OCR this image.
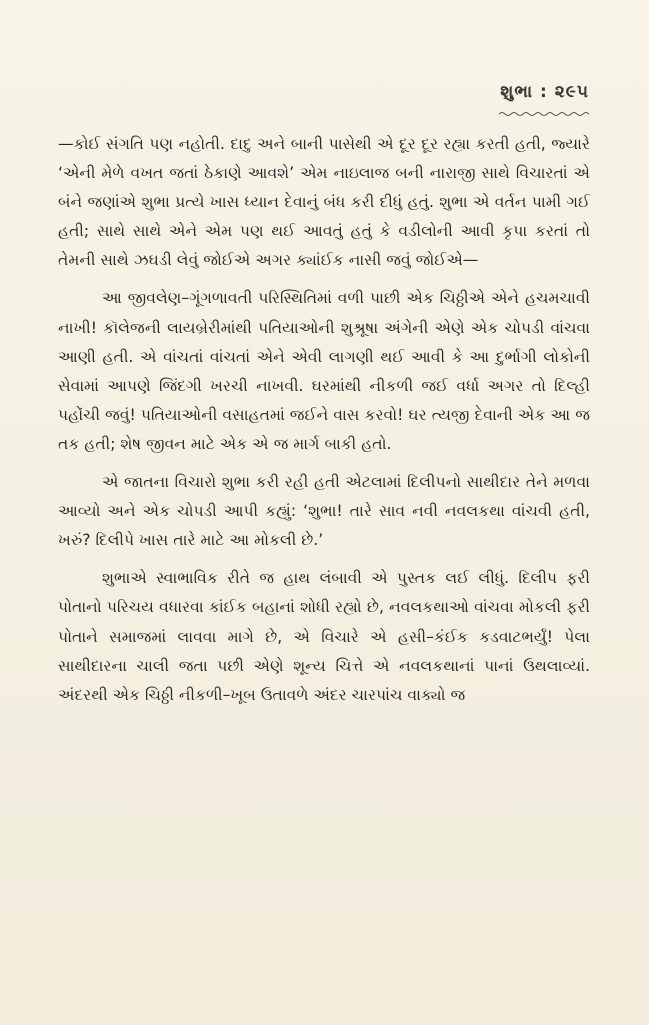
શુભા : ૨૯૫

—કોઈ સંગતિ પણ નહોતી. દાદુ અને બાની પાસેથી એ દૂર દૂર રહ્યા કરતી હતી, જ્યારે ‘એની મેળે વખત જતાં ઠેકાણે આવશે’ એમ નાઇલાજ બની નારાજી સાથે વિચારતાં એ બંને જણાંએ શુભા પ્રત્યે ખાસ ધ્યાન દેવાનું બંધ કરી દીધું હતું. શુભા એ વર્તન પામી ગઈ હતી; સાથે સાથે એને એમ પણ થઈ આવતું હતું કે વડીલોની આવી કૃપા કરતાં તો તેમની સાથે ઝઘડી લેવું જોઈએ અગર ક્યાંઈક નાસી જવું જોઈએ—

આ જીવલેણ–ગૂંગળાવતી પરિસ્થિતિમાં વળી પાછી એક ચિઠ્ઠીએ એને હચમચાવી નાખી! કૉલેજની લાયબ્રેરીમાંથી પતિયાઓની શુશ્રૂષા અંગેની એણે એક ચોપડી વાંચવા આણી હતી. એ વાંચતાં વાંચતાં એને એવી લાગણી થઈ આવી કે આ દુર્ભાગી લોકોની સેવામાં આપણે જિંદગી ખરચી નાખવી. ઘરમાંથી નીકળી જઈ વર્ધા અગર તો દિલ્હી પહોંચી જવું! પતિયાઓની વસાહતમાં જઈને વાસ કરવો! ઘર ત્યજી દેવાની એક આ જ તક હતી; શેષ જીવન માટે એક એ જ માર્ગ બાકી હતો.

એ જાતના વિચારો શુભા કરી રહી હતી એટલામાં દિલીપનો સાથીદાર તેને મળવા આવ્યો અને એક ચોપડી આપી કહ્યું: ‘શુભા! તારે સાવ નવી નવલકથા વાંચવી હતી, ખરું? દિલીપે ખાસ તારે માટે આ મોકલી છે.’

શુભાએ સ્વાભાવિક રીતે જ હાથ લંબાવી એ પુસ્તક લઈ લીધું. દિલીપ ફરી પોતાનો પરિચય વધારવા કાંઈક બહાનાં શોધી રહ્યો છે, નવલકથાઓ વાંચવા મોકલી ફરી પોતાને સમાજમાં લાવવા માગે છે, એ વિચારે એ હસી–કંઈક કડવાટભર્યું! પેલા સાથીદારના ચાલી જતા પછી એણે શૂન્ય ચિત્તે એ નવલકથાનાં પાનાં ઉથલાવ્યાં. અંદરથી એક ચિઠ્ઠી નીકળી–ખૂબ ઉતાવળે અંદર ચારપાંચ વાક્યો જ
